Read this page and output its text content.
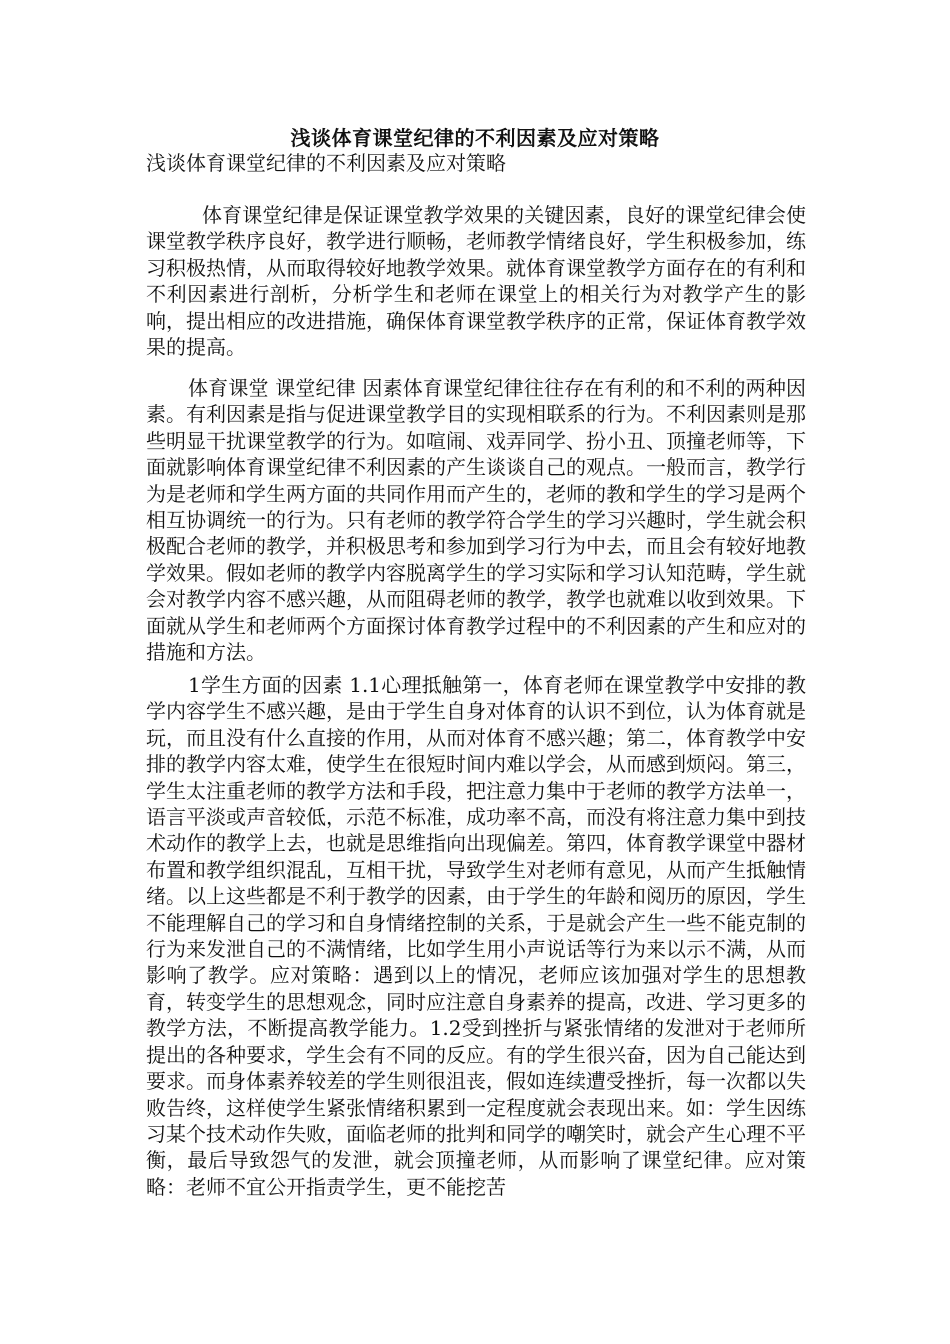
浅谈体育课堂纪律的不利因素及应对策略
浅谈体育课堂纪律的不利因素及应对策略

体育课堂纪律是保证课堂教学效果的关键因素，良好的课堂纪律会使课堂教学秩序良好，教学进行顺畅，老师教学情绪良好，学生积极参加，练习积极热情，从而取得较好地教学效果。就体育课堂教学方面存在的有利和不利因素进行剖析，分析学生和老师在课堂上的相关行为对教学产生的影响，提出相应的改进措施，确保体育课堂教学秩序的正常，保证体育教学效果的提高。

体育课堂 课堂纪律 因素体育课堂纪律往往存在有利的和不利的两种因素。有利因素是指与促进课堂教学目的实现相联系的行为。不利因素则是那些明显干扰课堂教学的行为。如喧闹、戏弄同学、扮小丑、顶撞老师等，下面就影响体育课堂纪律不利因素的产生谈谈自己的观点。一般而言，教学行为是老师和学生两方面的共同作用而产生的，老师的教和学生的学习是两个相互协调统一的行为。只有老师的教学符合学生的学习兴趣时，学生就会积极配合老师的教学，并积极思考和参加到学习行为中去，而且会有较好地教学效果。假如老师的教学内容脱离学生的学习实际和学习认知范畴，学生就会对教学内容不感兴趣，从而阻碍老师的教学，教学也就难以收到效果。下面就从学生和老师两个方面探讨体育教学过程中的不利因素的产生和应对的措施和方法。

1学生方面的因素 1.1心理抵触第一，体育老师在课堂教学中安排的教学内容学生不感兴趣，是由于学生自身对体育的认识不到位，认为体育就是玩，而且没有什么直接的作用，从而对体育不感兴趣；第二，体育教学中安排的教学内容太难，使学生在很短时间内难以学会，从而感到烦闷。第三，学生太注重老师的教学方法和手段，把注意力集中于老师的教学方法单一，语言平淡或声音较低，示范不标准，成功率不高，而没有将注意力集中到技术动作的教学上去，也就是思维指向出现偏差。第四，体育教学课堂中器材布置和教学组织混乱，互相干扰，导致学生对老师有意见，从而产生抵触情绪。以上这些都是不利于教学的因素，由于学生的年龄和阅历的原因，学生不能理解自己的学习和自身情绪控制的关系，于是就会产生一些不能克制的行为来发泄自己的不满情绪，比如学生用小声说话等行为来以示不满，从而影响了教学。应对策略：遇到以上的情况，老师应该加强对学生的思想教育，转变学生的思想观念，同时应注意自身素养的提高，改进、学习更多的教学方法，不断提高教学能力。1.2受到挫折与紧张情绪的发泄对于老师所提出的各种要求，学生会有不同的反应。有的学生很兴奋，因为自己能达到要求。而身体素养较差的学生则很沮丧，假如连续遭受挫折，每一次都以失败告终，这样使学生紧张情绪积累到一定程度就会表现出来。如：学生因练习某个技术动作失败，面临老师的批判和同学的嘲笑时，就会产生心理不平衡，最后导致怨气的发泄，就会顶撞老师，从而影响了课堂纪律。应对策略：老师不宜公开指责学生，更不能挖苦
